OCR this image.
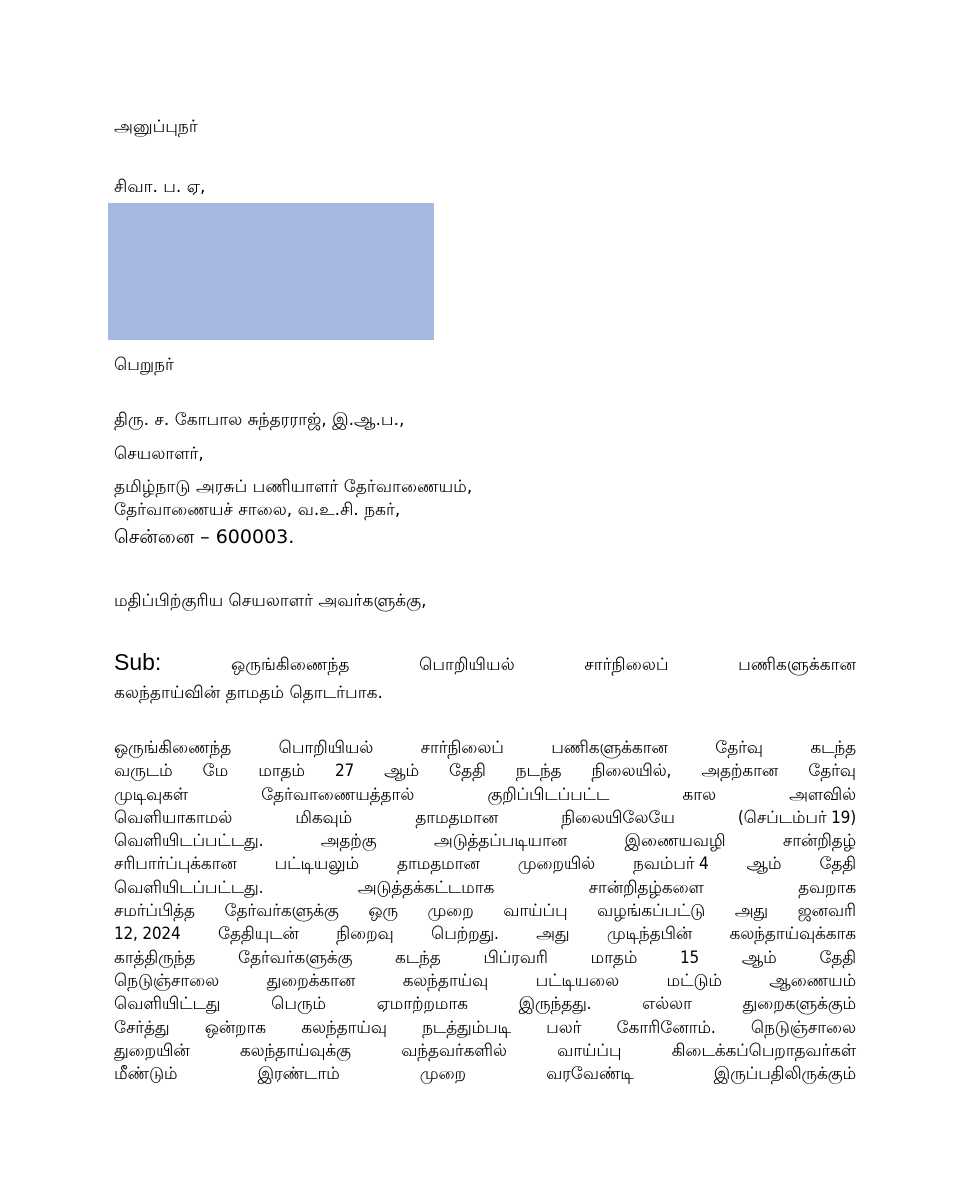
அனுப்புநர்
சிவா. ப. ஏ,
பெறுநர்
திரு. ச. கோபால சுந்தரராஜ், இ.ஆ.ப.,
செயலாளர்,
தமிழ்நாடு அரசுப் பணியாளர் தேர்வாணையம்,
தேர்வாணையச் சாலை, வ.உ.சி. நகர்,
சென்னை – 600003.
மதிப்பிற்குரிய செயலாளர் அவர்களுக்கு,
Sub:	ஒருங்கிணைந்த	பொறியியல்	சார்நிலைப்	பணிகளுக்கான
கலந்தாய்வின் தாமதம் தொடர்பாக.
ஒருங்கிணைந்த	பொறியியல்	சார்நிலைப்	பணிகளுக்கான	தேர்வு	கடந்த
வருடம் மே மாதம் 27 ஆம் தேதி நடந்த நிலையில், அதற்கான தேர்வு
முடிவுகள்	தேர்வாணையத்தால்	குறிப்பிடப்பட்ட	கால	அளவில்
வெளியாகாமல்	மிகவும்	தாமதமான	நிலையிலேயே	(செப்டம்பர் 19)
வெளியிடப்பட்டது.	அதற்கு	அடுத்தப்படியான	இணையவழி	சான்றிதழ்
சரிபார்ப்புக்கான பட்டியலும் தாமதமான முறையில் நவம்பர் 4 ஆம் தேதி
வெளியிடப்பட்டது.	அடுத்தக்கட்டமாக	சான்றிதழ்களை	தவறாக
சமர்ப்பித்த தேர்வர்களுக்கு ஒரு முறை வாய்ப்பு வழங்கப்பட்டு அது ஜனவரி
12, 2024 தேதியுடன் நிறைவு பெற்றது. அது முடிந்தபின் கலந்தாய்வுக்காக
காத்திருந்த	தேர்வர்களுக்கு	கடந்த	பிப்ரவரி	மாதம்	15	ஆம்	தேதி
நெடுஞ்சாலை	துறைக்கான	கலந்தாய்வு	பட்டியலை	மட்டும்	ஆணையம்
வெளியிட்டது	பெரும்	ஏமாற்றமாக	இருந்தது.	எல்லா	துறைகளுக்கும்
சேர்த்து ஒன்றாக கலந்தாய்வு நடத்தும்படி பலர் கோரினோம். நெடுஞ்சாலை
துறையின்	கலந்தாய்வுக்கு	வந்தவர்களில்	வாய்ப்பு	கிடைக்கப்பெறாதவர்கள்
மீண்டும்	இரண்டாம்	முறை	வரவேண்டி	இருப்பதிலிருக்கும்
